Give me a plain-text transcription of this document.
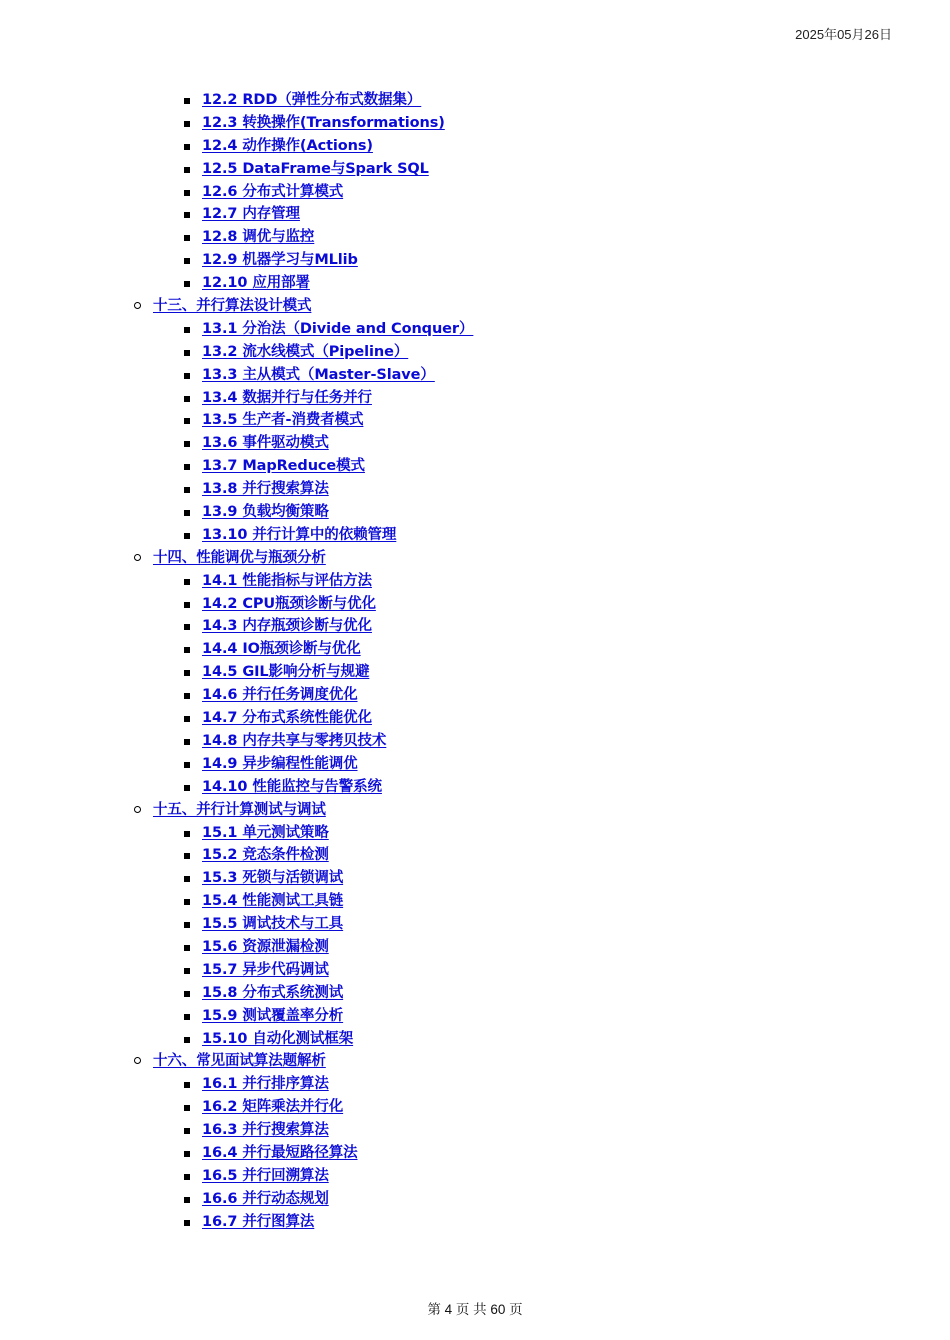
2025年05月26日
12.2 RDD（弹性分布式数据集）
12.3 转换操作(Transformations)
12.4 动作操作(Actions)
12.5 DataFrame与Spark SQL
12.6 分布式计算模式
12.7 内存管理
12.8 调优与监控
12.9 机器学习与MLlib
12.10 应用部署
十三、并行算法设计模式
13.1 分治法（Divide and Conquer）
13.2 流水线模式（Pipeline）
13.3 主从模式（Master-Slave）
13.4 数据并行与任务并行
13.5 生产者-消费者模式
13.6 事件驱动模式
13.7 MapReduce模式
13.8 并行搜索算法
13.9 负载均衡策略
13.10 并行计算中的依赖管理
十四、性能调优与瓶颈分析
14.1 性能指标与评估方法
14.2 CPU瓶颈诊断与优化
14.3 内存瓶颈诊断与优化
14.4 IO瓶颈诊断与优化
14.5 GIL影响分析与规避
14.6 并行任务调度优化
14.7 分布式系统性能优化
14.8 内存共享与零拷贝技术
14.9 异步编程性能调优
14.10 性能监控与告警系统
十五、并行计算测试与调试
15.1 单元测试策略
15.2 竞态条件检测
15.3 死锁与活锁调试
15.4 性能测试工具链
15.5 调试技术与工具
15.6 资源泄漏检测
15.7 异步代码调试
15.8 分布式系统测试
15.9 测试覆盖率分析
15.10 自动化测试框架
十六、常见面试算法题解析
16.1 并行排序算法
16.2 矩阵乘法并行化
16.3 并行搜索算法
16.4 并行最短路径算法
16.5 并行回溯算法
16.6 并行动态规划
16.7 并行图算法
第 4 页 共 60 页
